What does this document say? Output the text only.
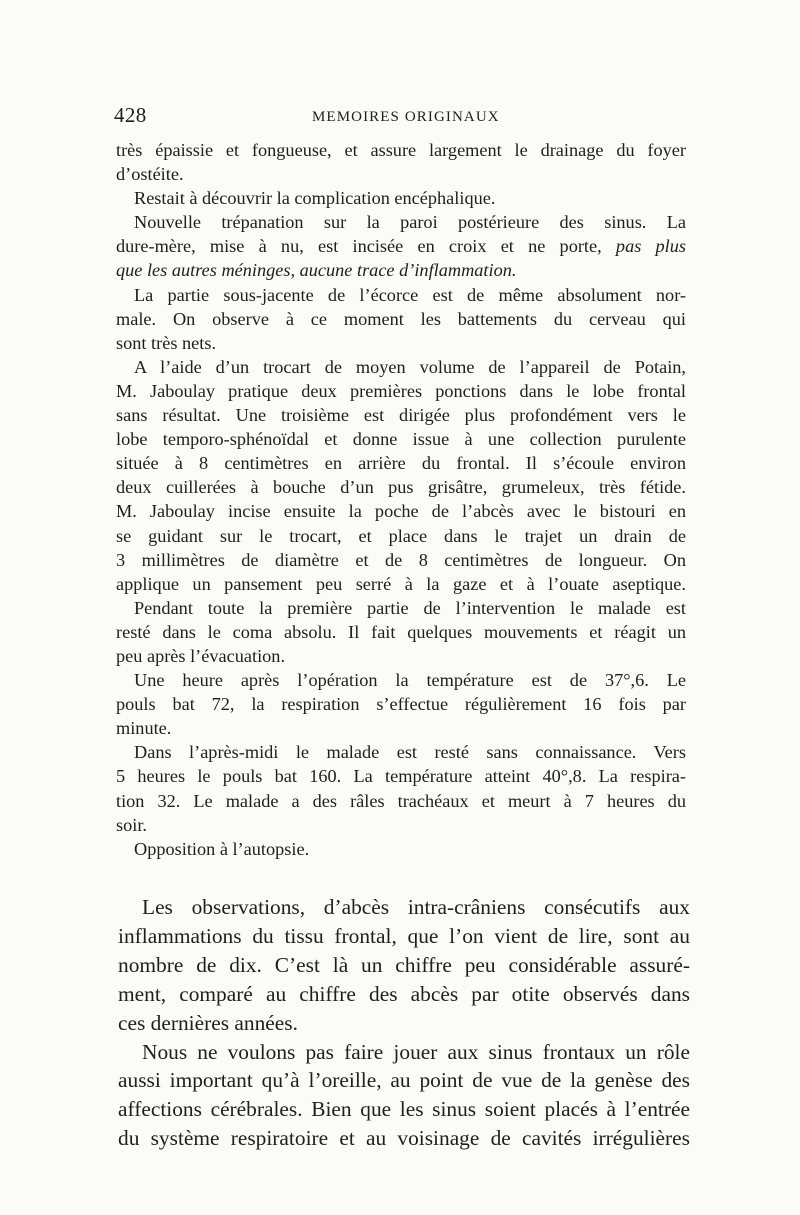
428	MEMOIRES ORIGINAUX
très épaissie et fongueuse, et assure largement le drainage du foyer
d’ostéite.
Restait à découvrir la complication encéphalique.
Nouvelle trépanation sur la paroi postérieure des sinus. La
dure-mère, mise à nu, est incisée en croix et ne porte, pas plus
que les autres méninges, aucune trace d’inflammation.
La partie sous-jacente de l’écorce est de même absolument nor-
male. On observe à ce moment les battements du cerveau qui
sont très nets.
A l’aide d’un trocart de moyen volume de l’appareil de Potain,
M. Jaboulay pratique deux premières ponctions dans le lobe frontal
sans résultat. Une troisième est dirigée plus profondément vers le
lobe temporo-sphénoïdal et donne issue à une collection purulente
située à 8 centimètres en arrière du frontal. Il s’écoule environ
deux cuillerées à bouche d’un pus grisâtre, grumeleux, très fétide.
M. Jaboulay incise ensuite la poche de l’abcès avec le bistouri en
se guidant sur le trocart, et place dans le trajet un drain de
3 millimètres de diamètre et de 8 centimètres de longueur. On
applique un pansement peu serré à la gaze et à l’ouate aseptique.
Pendant toute la première partie de l’intervention le malade est
resté dans le coma absolu. Il fait quelques mouvements et réagit un
peu après l’évacuation.
Une heure après l’opération la température est de 37°,6. Le
pouls bat 72, la respiration s’effectue régulièrement 16 fois par
minute.
Dans l’après-midi le malade est resté sans connaissance. Vers
5 heures le pouls bat 160. La température atteint 40°,8. La respira-
tion 32. Le malade a des râles trachéaux et meurt à 7 heures du
soir.
Opposition à l’autopsie.
Les observations, d’abcès intra-crâniens consécutifs aux
inflammations du tissu frontal, que l’on vient de lire, sont au
nombre de dix. C’est là un chiffre peu considérable assuré-
ment, comparé au chiffre des abcès par otite observés dans
ces dernières années.
Nous ne voulons pas faire jouer aux sinus frontaux un rôle
aussi important qu’à l’oreille, au point de vue de la genèse des
affections cérébrales. Bien que les sinus soient placés à l’entrée
du système respiratoire et au voisinage de cavités irrégulières
